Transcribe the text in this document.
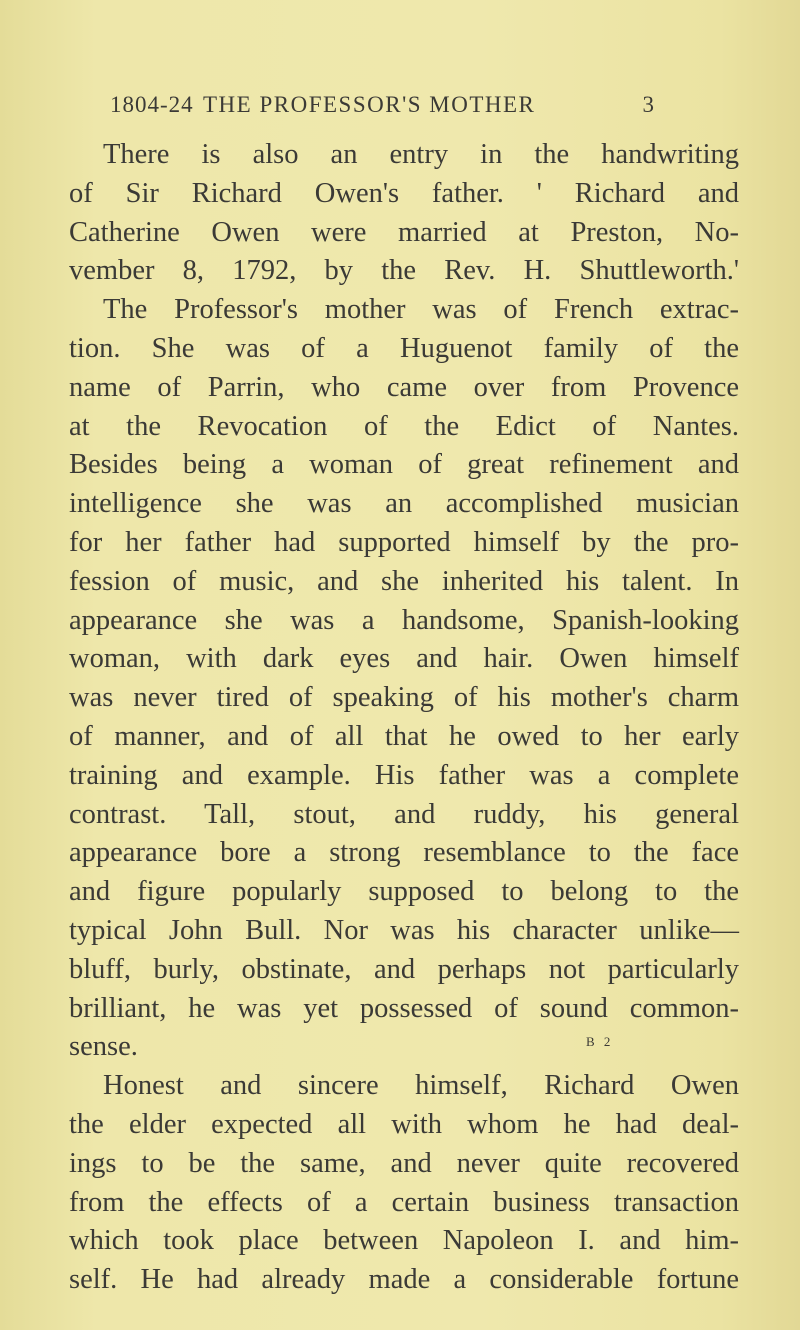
1804-24 THE PROFESSOR'S MOTHER	3
There is also an entry in the handwriting
of Sir Richard Owen's father. ' Richard and
Catherine Owen were married at Preston, No-
vember 8, 1792, by the Rev. H. Shuttleworth.'
The Professor's mother was of French extrac-
tion. She was of a Huguenot family of the
name of Parrin, who came over from Provence
at the Revocation of the Edict of Nantes.
Besides being a woman of great refinement and
intelligence she was an accomplished musician
for her father had supported himself by the pro-
fession of music, and she inherited his talent. In
appearance she was a handsome, Spanish-looking
woman, with dark eyes and hair. Owen himself
was never tired of speaking of his mother's charm
of manner, and of all that he owed to her early
training and example. His father was a complete
contrast. Tall, stout, and ruddy, his general
appearance bore a strong resemblance to the face
and figure popularly supposed to belong to the
typical John Bull. Nor was his character unlike—
bluff, burly, obstinate, and perhaps not particularly
brilliant, he was yet possessed of sound common-
sense.
Honest and sincere himself, Richard Owen
the elder expected all with whom he had deal-
ings to be the same, and never quite recovered
from the effects of a certain business transaction
which took place between Napoleon I. and him-
self. He had already made a considerable fortune
B 2
